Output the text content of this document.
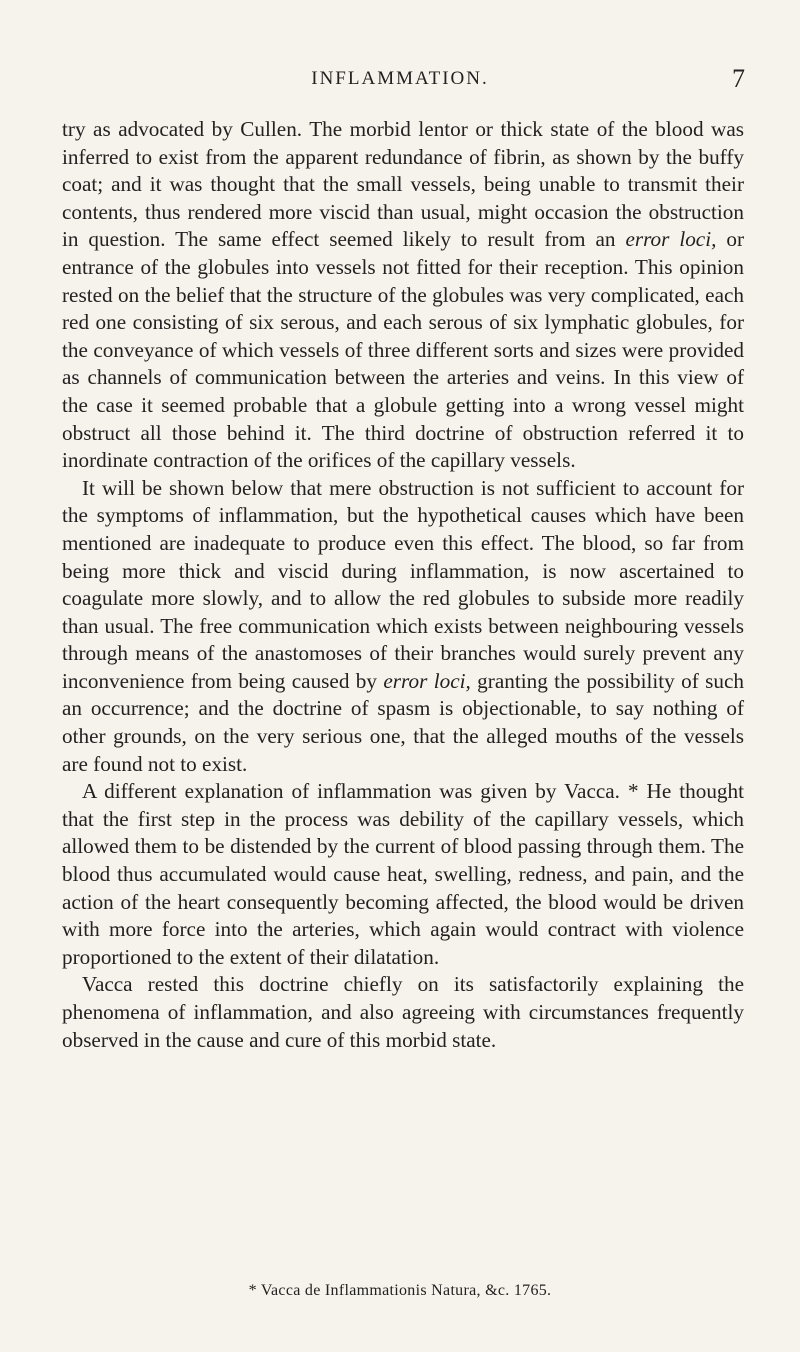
INFLAMMATION.	7

try as advocated by Cullen. The morbid lentor or thick state of the blood was inferred to exist from the apparent redundance of fibrin, as shown by the buffy coat; and it was thought that the small vessels, being unable to transmit their contents, thus rendered more viscid than usual, might occasion the obstruction in question. The same effect seemed likely to result from an error loci, or entrance of the globules into vessels not fitted for their reception. This opinion rested on the belief that the structure of the globules was very complicated, each red one consisting of six serous, and each serous of six lymphatic globules, for the conveyance of which vessels of three different sorts and sizes were provided as channels of communication between the arteries and veins. In this view of the case it seemed probable that a globule getting into a wrong vessel might obstruct all those behind it. The third doctrine of obstruction referred it to inordinate contraction of the orifices of the capillary vessels.

It will be shown below that mere obstruction is not sufficient to account for the symptoms of inflammation, but the hypothetical causes which have been mentioned are inadequate to produce even this effect. The blood, so far from being more thick and viscid during inflammation, is now ascertained to coagulate more slowly, and to allow the red globules to subside more readily than usual. The free communication which exists between neighbouring vessels through means of the anastomoses of their branches would surely prevent any inconvenience from being caused by error loci, granting the possibility of such an occurrence; and the doctrine of spasm is objectionable, to say nothing of other grounds, on the very serious one, that the alleged mouths of the vessels are found not to exist.

A different explanation of inflammation was given by Vacca. * He thought that the first step in the process was debility of the capillary vessels, which allowed them to be distended by the current of blood passing through them. The blood thus accumulated would cause heat, swelling, redness, and pain, and the action of the heart consequently becoming affected, the blood would be driven with more force into the arteries, which again would contract with violence proportioned to the extent of their dilatation.

Vacca rested this doctrine chiefly on its satisfactorily explaining the phenomena of inflammation, and also agreeing with circumstances frequently observed in the cause and cure of this morbid state.

* Vacca de Inflammationis Natura, &c. 1765.
